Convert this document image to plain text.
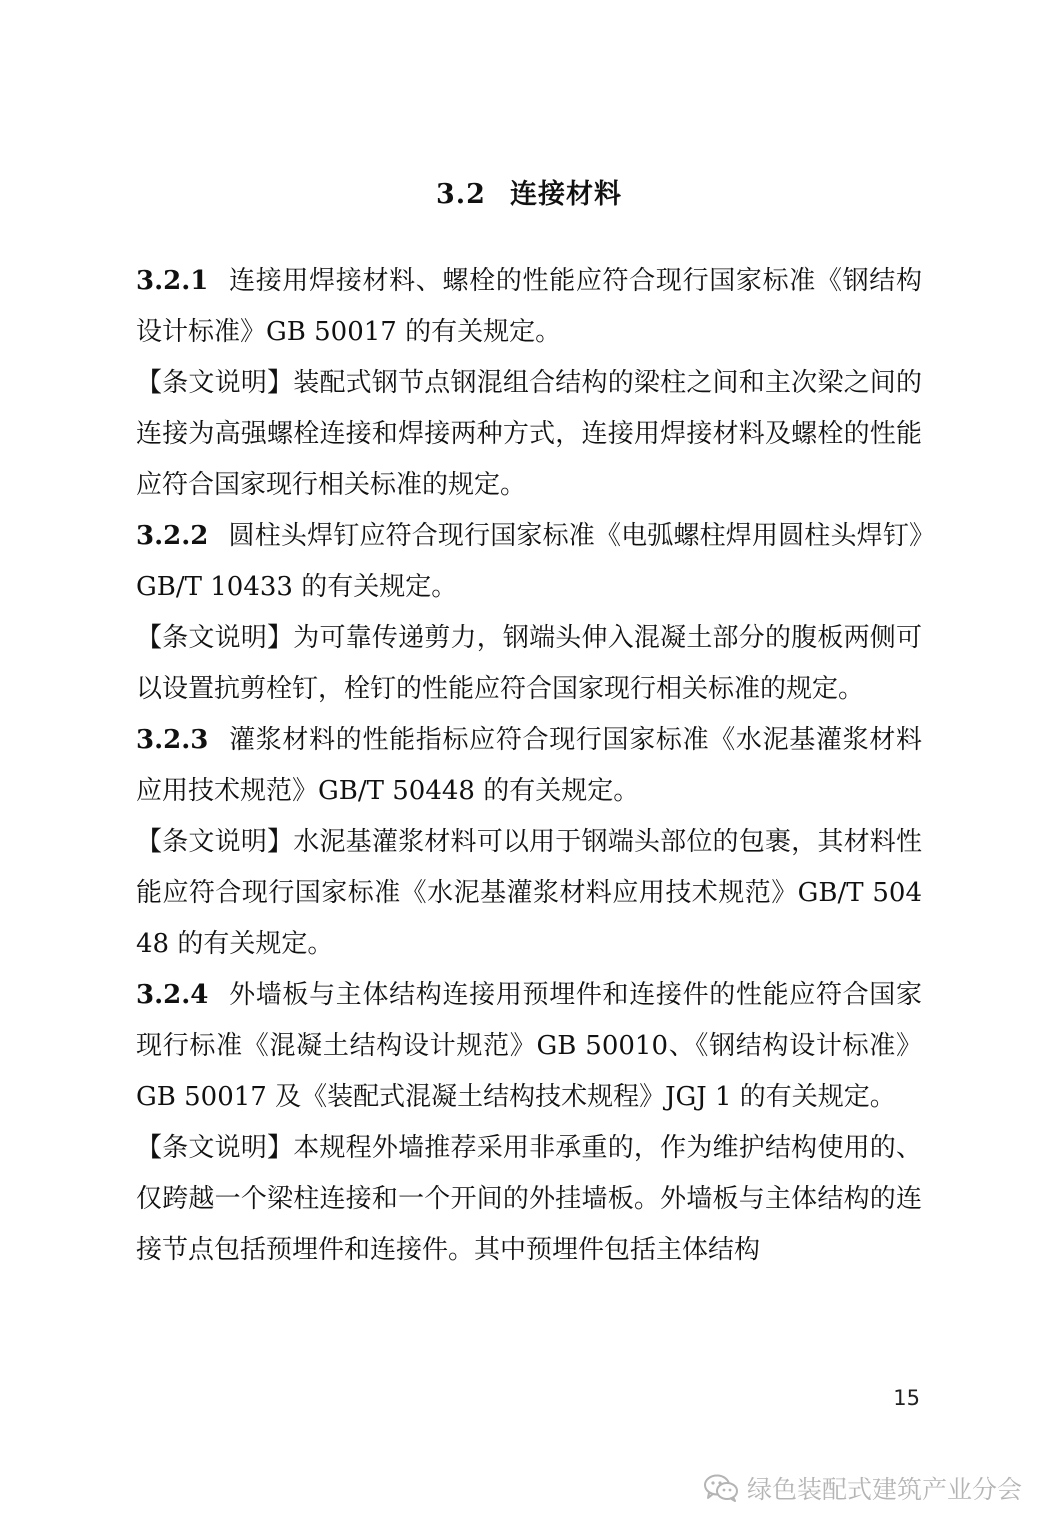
3.2 连接材料

3.2.1 连接用焊接材料、螺栓的性能应符合现行国家标准《钢结构设计标准》GB 50017 的有关规定。

【条文说明】装配式钢节点钢混组合结构的梁柱之间和主次梁之间的连接为高强螺栓连接和焊接两种方式，连接用焊接材料及螺栓的性能应符合国家现行相关标准的规定。

3.2.2 圆柱头焊钉应符合现行国家标准《电弧螺柱焊用圆柱头焊钉》GB/T 10433 的有关规定。

【条文说明】为可靠传递剪力，钢端头伸入混凝土部分的腹板两侧可以设置抗剪栓钉，栓钉的性能应符合国家现行相关标准的规定。

3.2.3 灌浆材料的性能指标应符合现行国家标准《水泥基灌浆材料应用技术规范》GB/T 50448 的有关规定。

【条文说明】水泥基灌浆材料可以用于钢端头部位的包裹，其材料性能应符合现行国家标准《水泥基灌浆材料应用技术规范》GB/T 50448 的有关规定。

3.2.4 外墙板与主体结构连接用预埋件和连接件的性能应符合国家现行标准《混凝土结构设计规范》GB 50010、《钢结构设计标准》GB 50017 及《装配式混凝土结构技术规程》JGJ 1 的有关规定。

【条文说明】本规程外墙推荐采用非承重的，作为维护结构使用的、仅跨越一个梁柱连接和一个开间的外挂墙板。外墙板与主体结构的连接节点包括预埋件和连接件。其中预埋件包括主体结构

15
绿色装配式建筑产业分会
